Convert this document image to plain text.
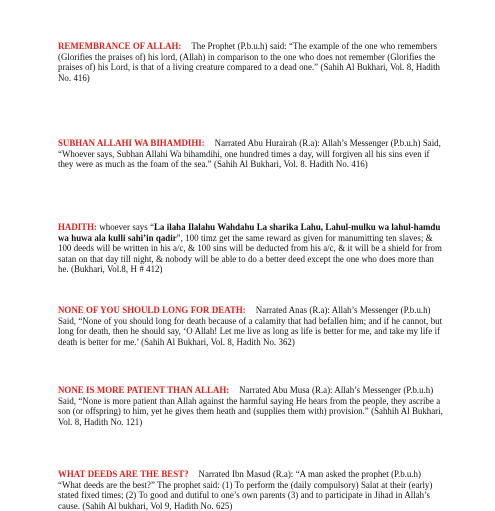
REMEMBRANCE OF ALLAH: The Prophet (P.b.u.h) said: “The example of the one who remembers (Glorifies the praises of) his lord, (Allah) in comparison to the one who does not remember (Glorifies the praises of) his Lord, is that of a living creature compared to a dead one.” (Sahih Al Bukhari, Vol. 8, Hadith No. 416)

SUBHAN ALLAHI WA BIHAMDIHI: Narrated Abu Hurairah (R.a): Allah’s Messenger (P.b.u.h) Said, “Whoever says, Subhan Allahi Wa bihamdihi, one hundred times a day, will forgiven all his sins even if they were as much as the foam of the sea.” (Sahih Al Bukhari, Vol. 8. Hadith No. 416)

HADITH: whoever says “La ilaha Ilalahu Wahdahu La sharika Lahu, Lahul-mulku wa lahul-hamdu wa huwa ala kulli sahi’in qadir”, 100 timz get the same reward as given for manumitting ten slaves; & 100 deeds will be written in his a/c, & 100 sins will be deducted from his a/c, & it will be a shield for from satan on that day till night, & nobody will be able to do a better deed except the one who does more than he. (Bukhari, Vol.8, H # 412)

NONE OF YOU SHOULD LONG FOR DEATH: Narrated Anas (R.a): Allah’s Messenger (P.b.u.h) Said, “None of you should long for death because of a calamity that had befallen him; and if he cannot, but long for death, then he should say, ‘O Allah! Let me live as long as life is better for me, and take my life if death is better for me.’ (Sahih Al Bukhari, Vol. 8, Hadith No. 362)

NONE IS MORE PATIENT THAN ALLAH: Narrated Abu Musa (R.a): Allah’s Messenger (P.b.u.h) Said, “None is more patient than Allah against the harmful saying He hears from the people, they ascribe a son (or offspring) to him, yet he gives them heath and (supplies them with) provision.” (Sahhih Al Bukhari, Vol. 8, Hadith No. 121)

WHAT DEEDS ARE THE BEST? Narrated Ibn Masud (R.a): “A man asked the prophet (P.b.u.h) “What deeds are the best?” The prophet said: (1) To perform the (daily compulsory) Salat at their (early) stated fixed times; (2) To good and dutiful to one’s own parents (3) and to participate in Jihad in Allah’s cause. (Sahih Al bukhari, Vol 9, Hadith No. 625)
